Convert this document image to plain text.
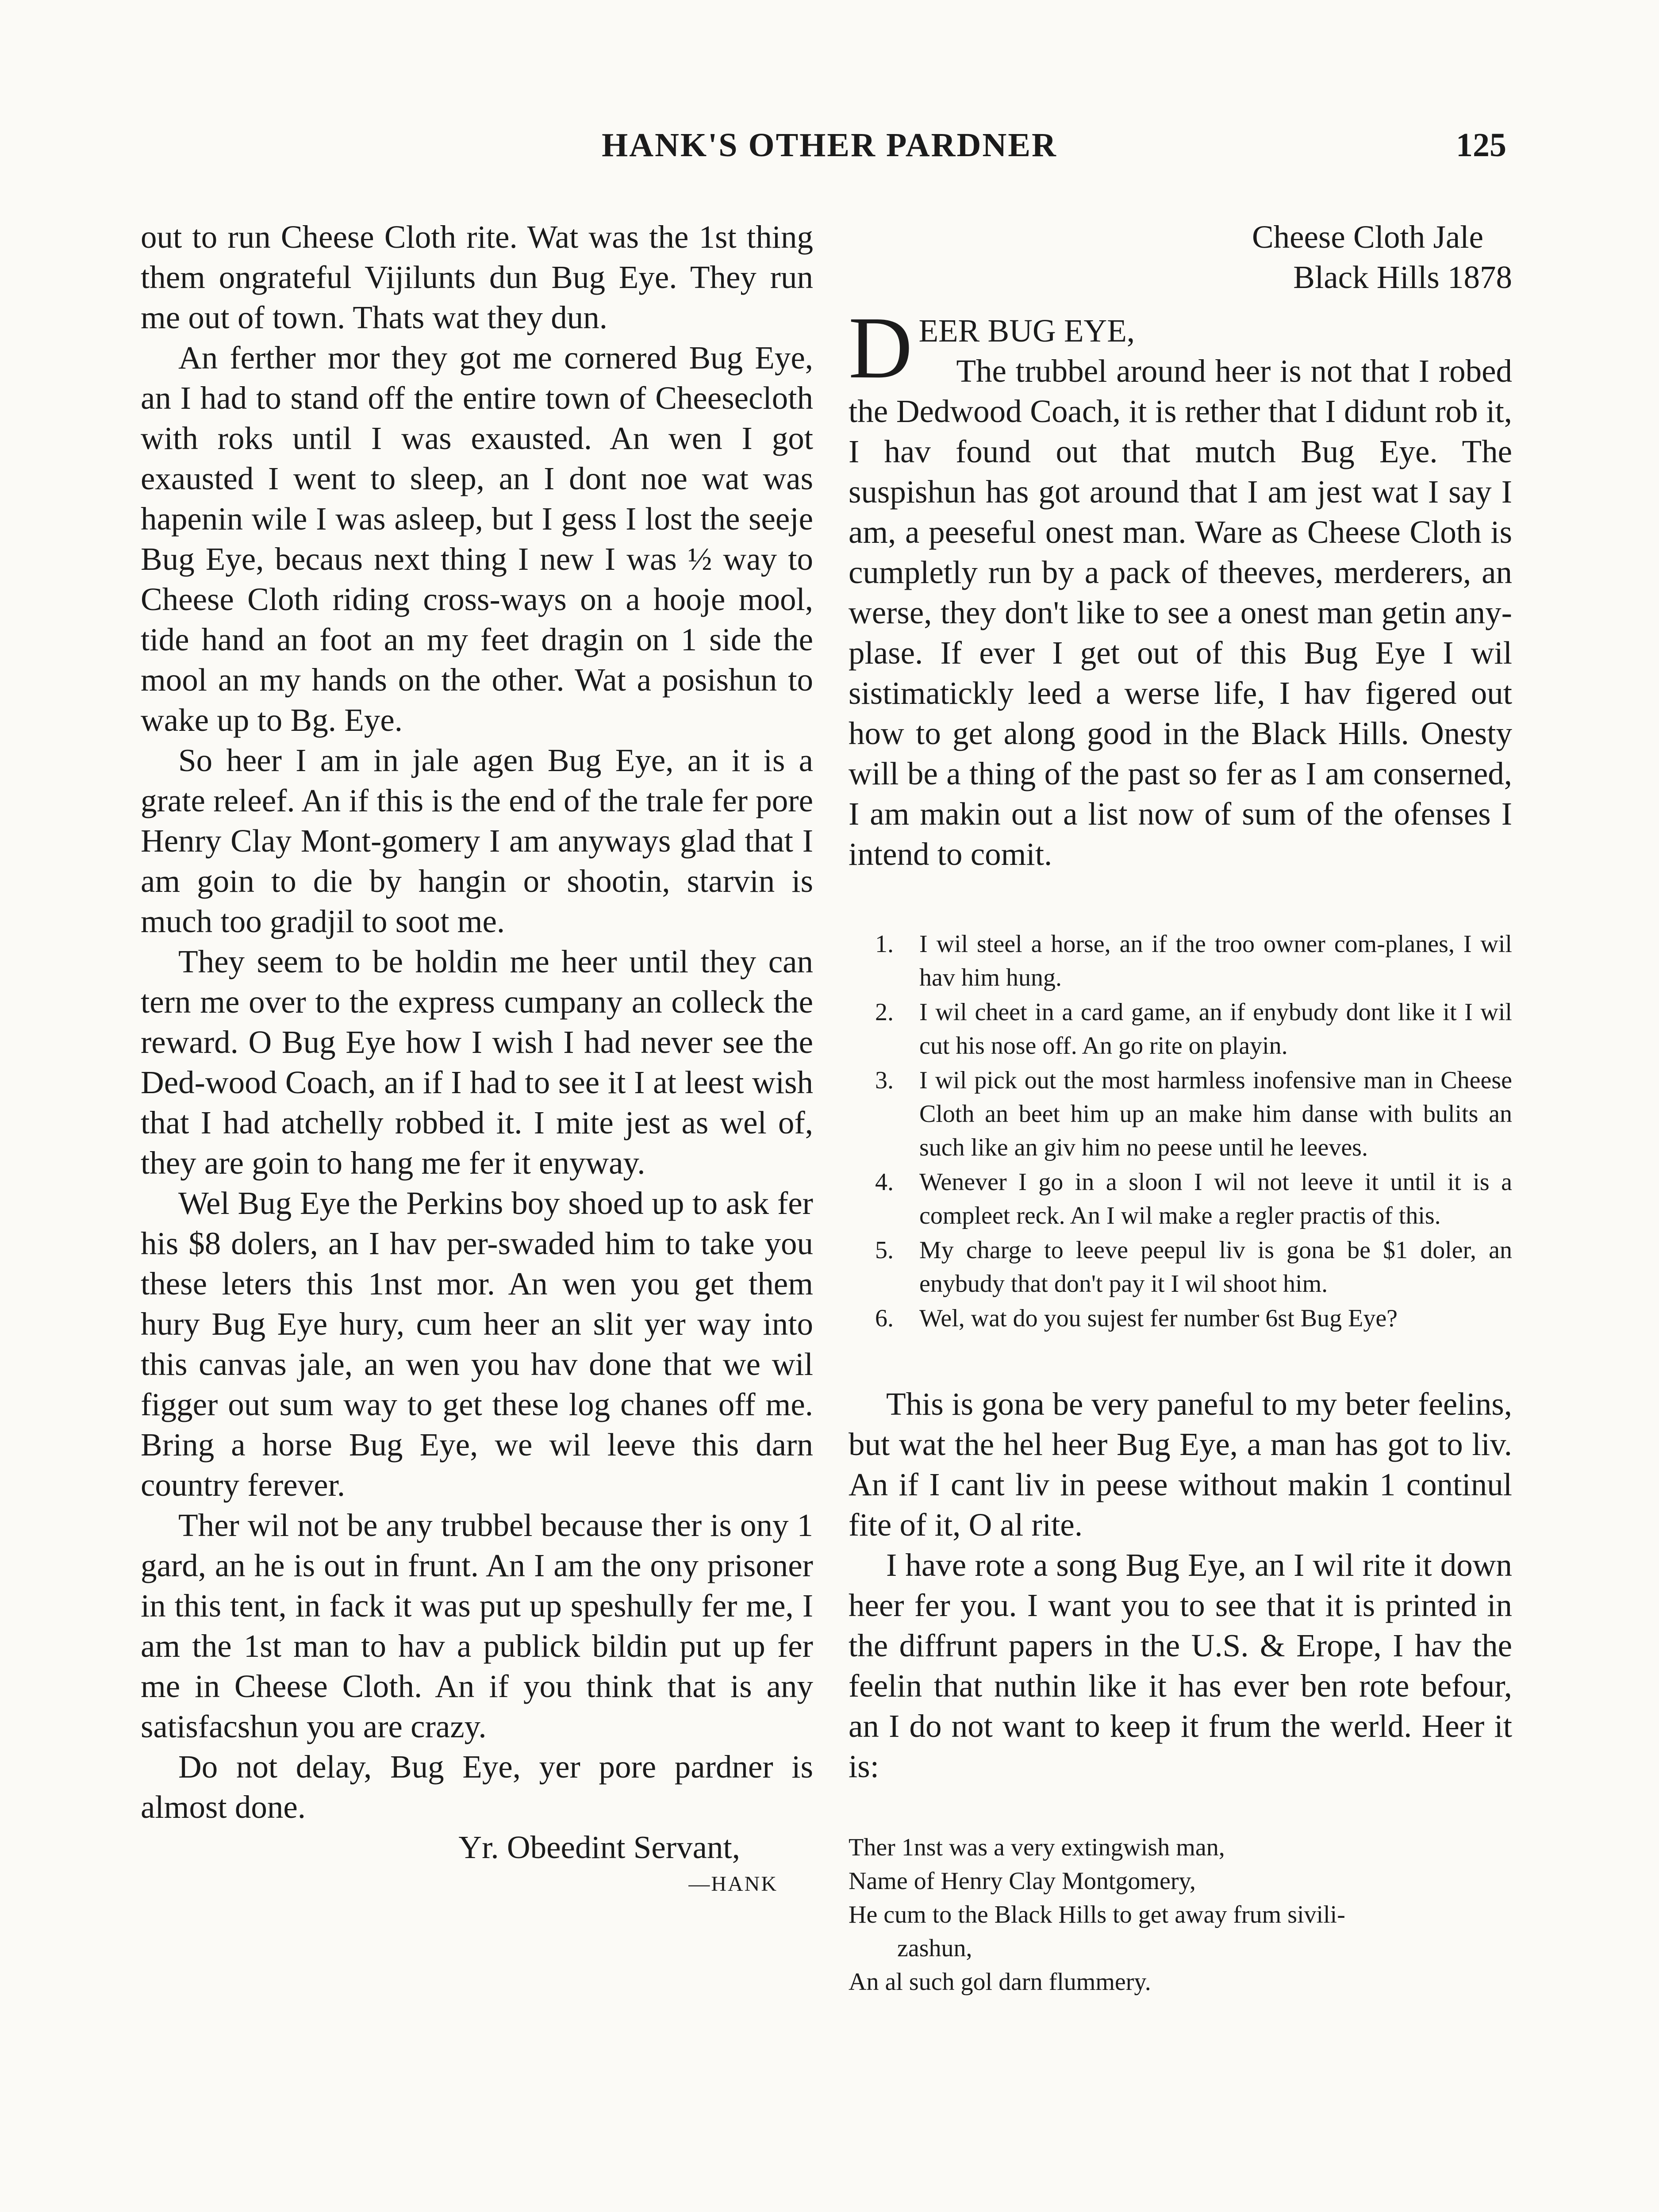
HANK'S OTHER PARDNER	125

out to run Cheese Cloth rite. Wat was the 1st thing them ongrateful Vijilunts dun Bug Eye. They run me out of town. Thats wat they dun.

An ferther mor they got me cornered Bug Eye, an I had to stand off the entire town of Cheesecloth with roks until I was exausted. An wen I got exausted I went to sleep, an I dont noe wat was hapenin wile I was asleep, but I gess I lost the seeje Bug Eye, becaus next thing I new I was ½ way to Cheese Cloth riding cross-ways on a hooje mool, tide hand an foot an my feet dragin on 1 side the mool an my hands on the other. Wat a posishun to wake up to Bg. Eye.

So heer I am in jale agen Bug Eye, an it is a grate releef. An if this is the end of the trale fer pore Henry Clay Mont-gomery I am anyways glad that I am goin to die by hangin or shootin, starvin is much too gradjil to soot me.

They seem to be holdin me heer until they can tern me over to the express cumpany an colleck the reward. O Bug Eye how I wish I had never see the Ded-wood Coach, an if I had to see it I at leest wish that I had atchelly robbed it. I mite jest as wel of, they are goin to hang me fer it enyway.

Wel Bug Eye the Perkins boy shoed up to ask fer his $8 dolers, an I hav per-swaded him to take you these leters this 1nst mor. An wen you get them hury Bug Eye hury, cum heer an slit yer way into this canvas jale, an wen you hav done that we wil figger out sum way to get these log chanes off me. Bring a horse Bug Eye, we wil leeve this darn country ferever.

Ther wil not be any trubbel because ther is ony 1 gard, an he is out in frunt. An I am the ony prisoner in this tent, in fack it was put up speshully fer me, I am the 1st man to hav a publick bildin put up fer me in Cheese Cloth. An if you think that is any satisfacshun you are crazy.

Do not delay, Bug Eye, yer pore pardner is almost done.

Yr. Obeedint Servant,

—HANK

Cheese Cloth Jale

Black Hills 1878

D EER BUG EYE,

The trubbel around heer is not that I robed the Dedwood Coach, it is rether that I didunt rob it, I hav found out that mutch Bug Eye. The suspishun has got around that I am jest wat I say I am, a peeseful onest man. Ware as Cheese Cloth is cumpletly run by a pack of theeves, merderers, an werse, they don't like to see a onest man getin any-plase. If ever I get out of this Bug Eye I wil sistimatickly leed a werse life, I hav figered out how to get along good in the Black Hills. Onesty will be a thing of the past so fer as I am conserned, I am makin out a list now of sum of the ofenses I intend to comit.

1.	I wil steel a horse, an if the troo owner com-planes, I wil hav him hung.
2.	I wil cheet in a card game, an if enybudy dont like it I wil cut his nose off. An go rite on playin.
3.	I wil pick out the most harmless inofensive man in Cheese Cloth an beet him up an make him danse with bulits an such like an giv him no peese until he leeves.
4.	Wenever I go in a sloon I wil not leeve it until it is a compleet reck. An I wil make a regler practis of this.
5.	My charge to leeve peepul liv is gona be $1 doler, an enybudy that don't pay it I wil shoot him.
6.	Wel, wat do you sujest fer number 6st Bug Eye?

This is gona be very paneful to my beter feelins, but wat the hel heer Bug Eye, a man has got to liv. An if I cant liv in peese without makin 1 continul fite of it, O al rite.

I have rote a song Bug Eye, an I wil rite it down heer fer you. I want you to see that it is printed in the diffrunt papers in the U.S. & Erope, I hav the feelin that nuthin like it has ever ben rote befour, an I do not want to keep it frum the werld. Heer it is:

Ther 1nst was a very extingwish man,

Name of Henry Clay Montgomery,

He cum to the Black Hills to get away frum sivili-

zashun,

An al such gol darn flummery.
